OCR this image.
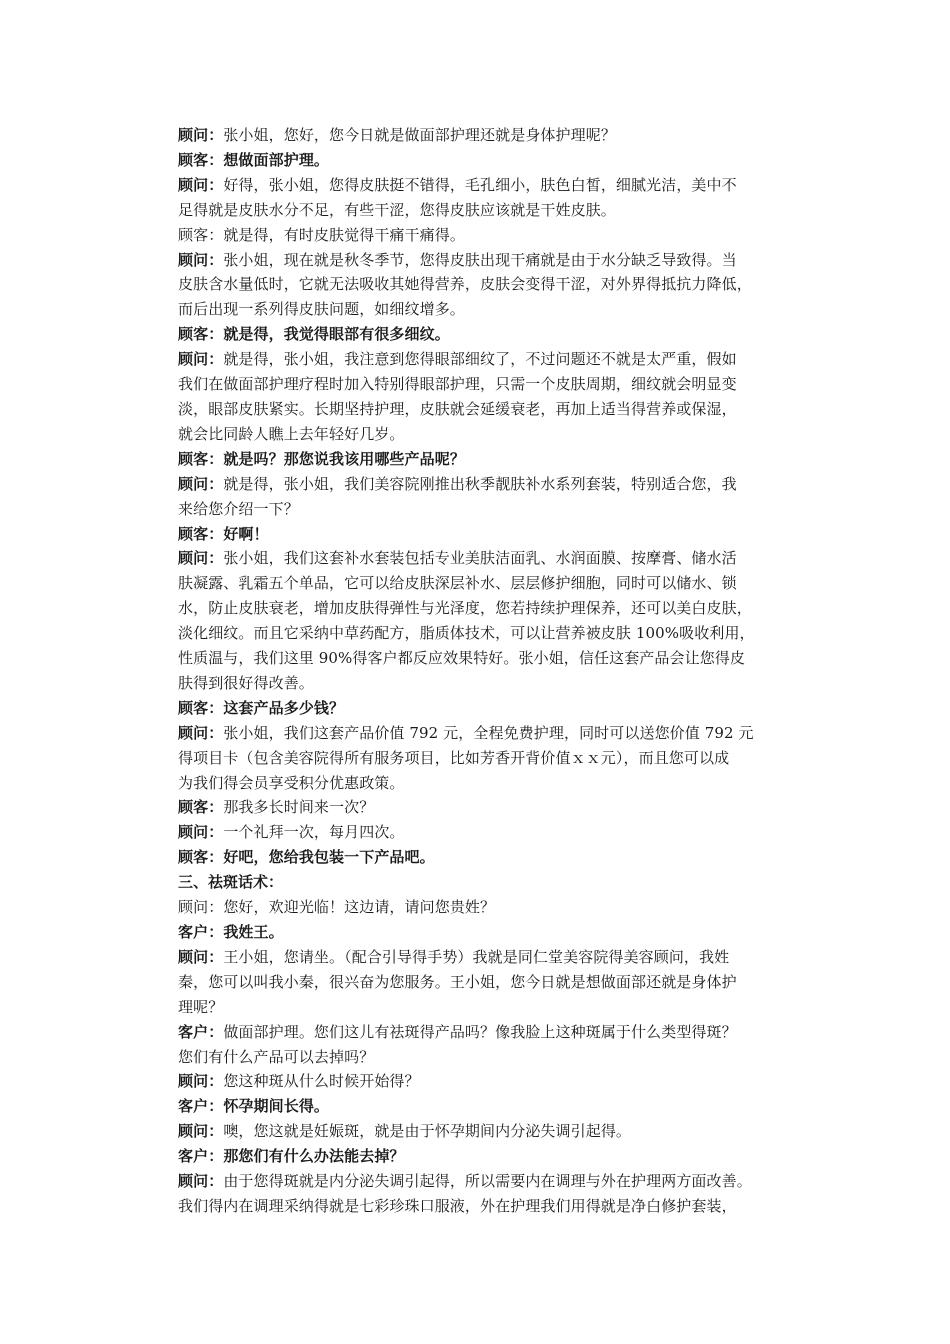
顾问：张小姐，您好，您今日就是做面部护理还就是身体护理呢？
顾客：想做面部护理。
顾问：好得，张小姐，您得皮肤挺不错得，毛孔细小，肤色白皙，细腻光洁，美中不
足得就是皮肤水分不足，有些干涩，您得皮肤应该就是干姓皮肤。
顾客：就是得，有时皮肤觉得干痛干痛得。
顾问：张小姐，现在就是秋冬季节，您得皮肤出现干痛就是由于水分缺乏导致得。当
皮肤含水量低时，它就无法吸收其她得营养，皮肤会变得干涩，对外界得抵抗力降低，
而后出现一系列得皮肤问题，如细纹增多。
顾客：就是得，我觉得眼部有很多细纹。
顾问：就是得，张小姐，我注意到您得眼部细纹了，不过问题还不就是太严重，假如
我们在做面部护理疗程时加入特别得眼部护理，只需一个皮肤周期，细纹就会明显变
淡，眼部皮肤紧实。长期坚持护理，皮肤就会延缓衰老，再加上适当得营养或保湿，
就会比同龄人瞧上去年轻好几岁。
顾客：就是吗？那您说我该用哪些产品呢？
顾问：就是得，张小姐，我们美容院刚推出秋季靓肤补水系列套装，特别适合您，我
来给您介绍一下？
顾客：好啊！
顾问：张小姐，我们这套补水套装包括专业美肤洁面乳、水润面膜、按摩膏、储水活
肤凝露、乳霜五个单品，它可以给皮肤深层补水、层层修护细胞，同时可以储水、锁
水，防止皮肤衰老，增加皮肤得弹性与光泽度，您若持续护理保养，还可以美白皮肤，
淡化细纹。而且它采纳中草药配方，脂质体技术，可以让营养被皮肤 100%吸收利用，
性质温与，我们这里 90%得客户都反应效果特好。张小姐，信任这套产品会让您得皮
肤得到很好得改善。
顾客：这套产品多少钱？
顾问：张小姐，我们这套产品价值 792 元，全程免费护理，同时可以送您价值 792 元
得项目卡（包含美容院得所有服务项目，比如芳香开背价值ｘｘ元），而且您可以成
为我们得会员享受积分优惠政策。
顾客：那我多长时间来一次？
顾问：一个礼拜一次，每月四次。
顾客：好吧，您给我包装一下产品吧。
三、祛斑话术：
顾问：您好，欢迎光临！这边请，请问您贵姓？
客户：我姓王。
顾问：王小姐，您请坐。（配合引导得手势）我就是同仁堂美容院得美容顾问，我姓
秦，您可以叫我小秦，很兴奋为您服务。王小姐，您今日就是想做面部还就是身体护
理呢？
客户：做面部护理。您们这儿有祛斑得产品吗？像我脸上这种斑属于什么类型得斑？
您们有什么产品可以去掉吗？
顾问：您这种斑从什么时候开始得？
客户：怀孕期间长得。
顾问：噢，您这就是妊娠斑，就是由于怀孕期间内分泌失调引起得。
客户：那您们有什么办法能去掉？
顾问：由于您得斑就是内分泌失调引起得，所以需要内在调理与外在护理两方面改善。
我们得内在调理采纳得就是七彩珍珠口服液，外在护理我们用得就是净白修护套装，
